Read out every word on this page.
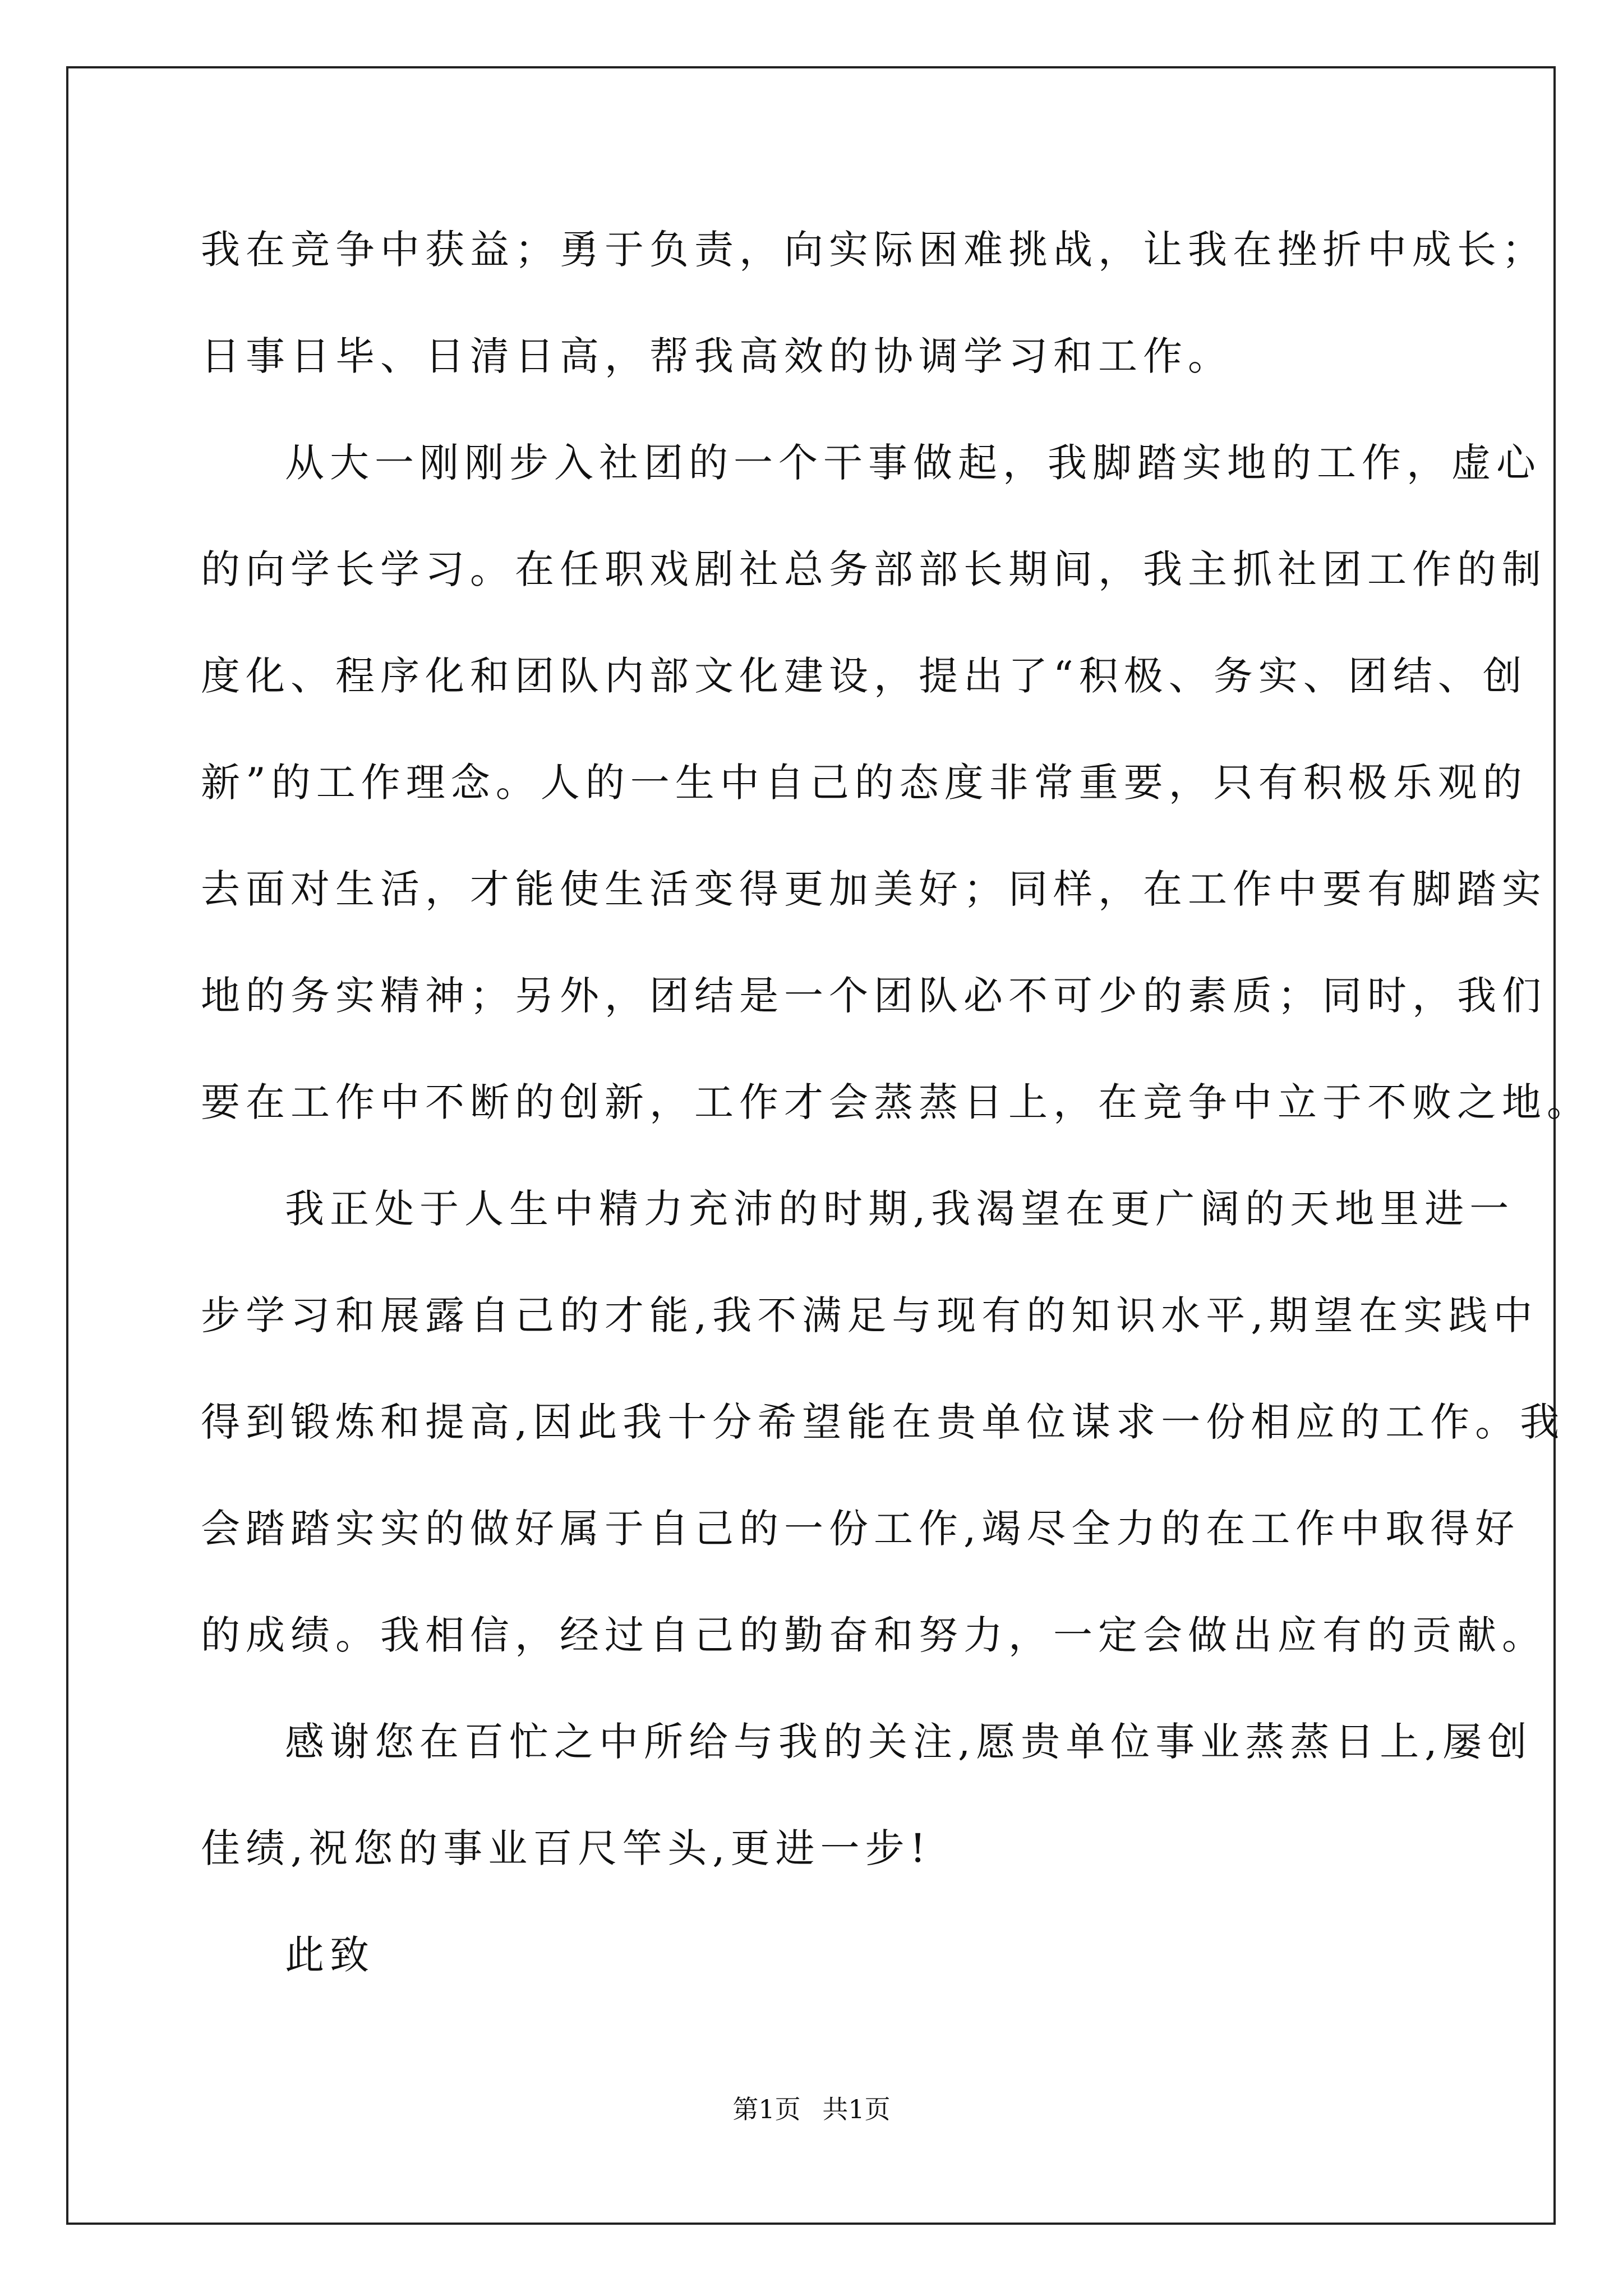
我在竞争中获益；勇于负责，向实际困难挑战，让我在挫折中成长；
日事日毕、日清日高，帮我高效的协调学习和工作。
从大一刚刚步入社团的一个干事做起，我脚踏实地的工作，虚心
的向学长学习。在任职戏剧社总务部部长期间，我主抓社团工作的制
度化、程序化和团队内部文化建设，提出了“积极、务实、团结、创
新”的工作理念。人的一生中自己的态度非常重要，只有积极乐观的
去面对生活，才能使生活变得更加美好；同样，在工作中要有脚踏实
地的务实精神；另外，团结是一个团队必不可少的素质；同时，我们
要在工作中不断的创新，工作才会蒸蒸日上，在竞争中立于不败之地。
我正处于人生中精力充沛的时期,我渴望在更广阔的天地里进一
步学习和展露自己的才能,我不满足与现有的知识水平,期望在实践中
得到锻炼和提高,因此我十分希望能在贵单位谋求一份相应的工作。我
会踏踏实实的做好属于自己的一份工作,竭尽全力的在工作中取得好
的成绩。我相信，经过自己的勤奋和努力，一定会做出应有的贡献。
感谢您在百忙之中所给与我的关注,愿贵单位事业蒸蒸日上,屡创
佳绩,祝您的事业百尺竿头,更进一步!
此致
第1页 共1页
